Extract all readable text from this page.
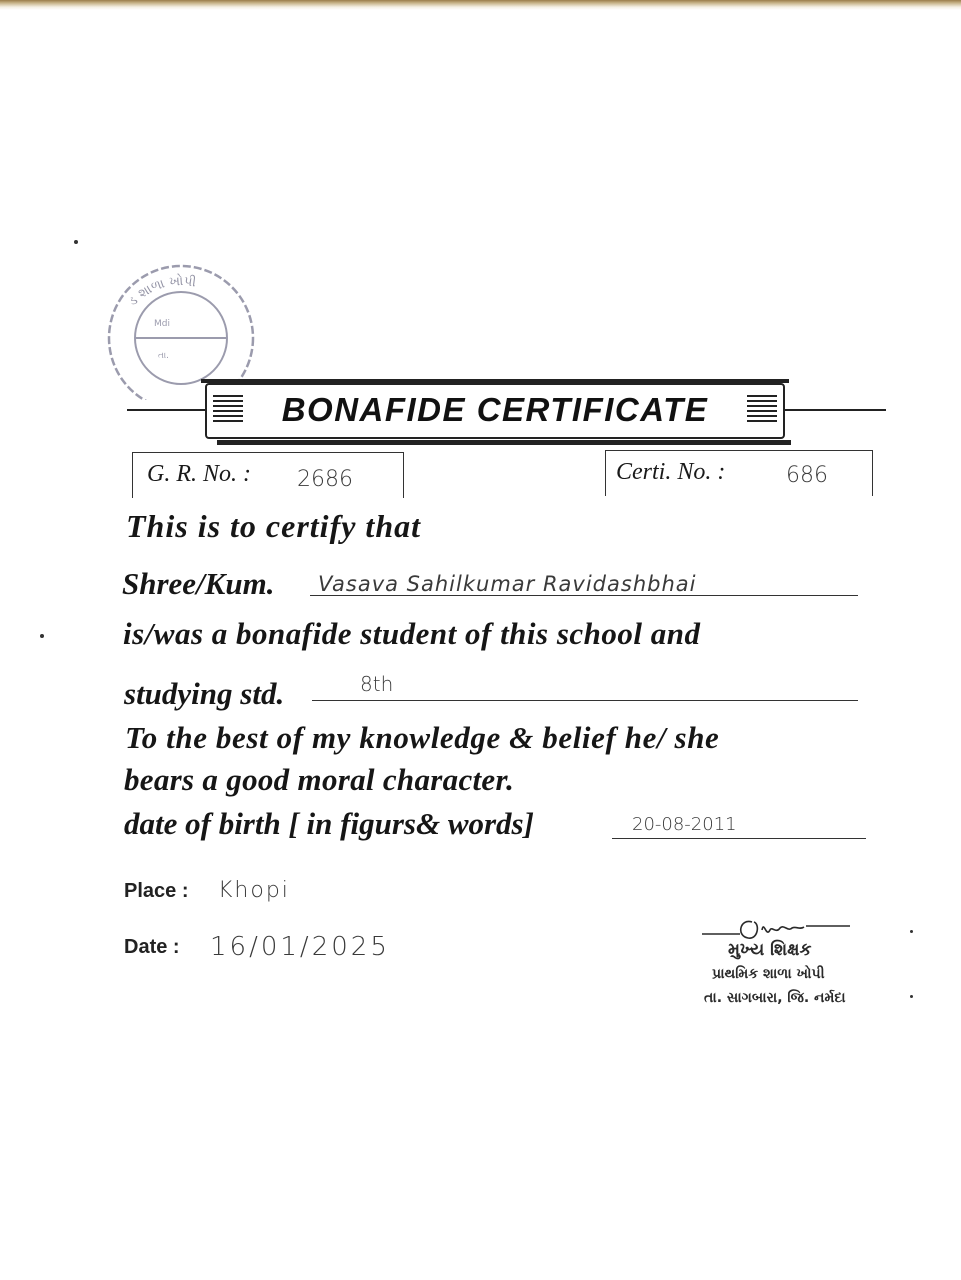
ડ શાળા ખોપી
Mdi
તા.
BONAFIDE CERTIFICATE
G. R. No. : 2686	Certi. No. :	686
This is to certify that
Shree/Kum. Vasava Sahilkumar Ravidashbhai
is/was a bonafide student of this school and
studying std.	8th
To the best of my knowledge & belief he/ she
bears a good moral character.
date of birth [ in figurs& words]	20-08-2011
Place : Khopi
Date : 16/01/2025	મુખ્ય શિક્ષક
પ્રાથમિક શાળા ખોપી
તા. સાગબારા, જિ. નર્મદા
